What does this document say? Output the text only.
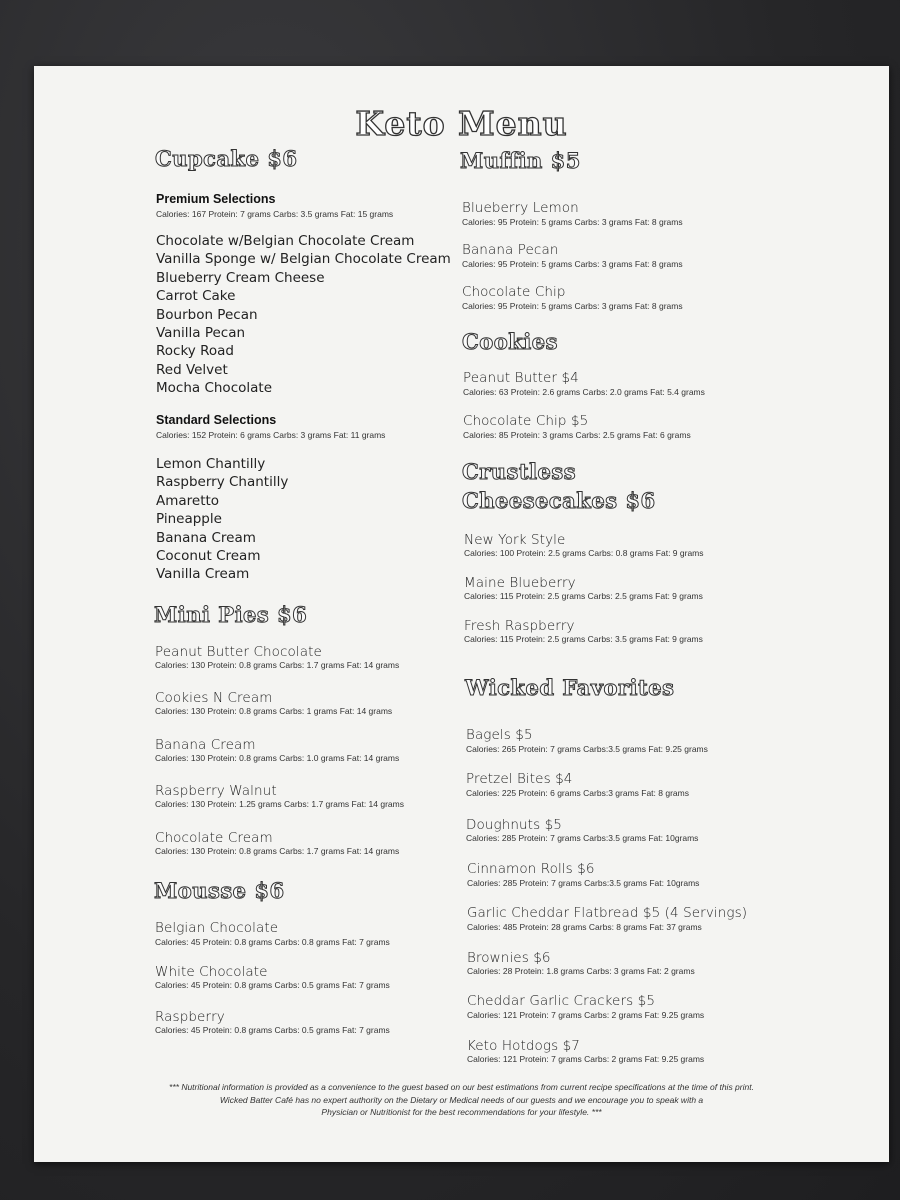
Keto Menu
Cupcake $6
Premium Selections
Calories: 167 Protein: 7 grams Carbs: 3.5 grams Fat: 15 grams
Chocolate w/Belgian Chocolate Cream
Vanilla Sponge w/ Belgian Chocolate Cream
Blueberry Cream Cheese
Carrot Cake
Bourbon Pecan
Vanilla Pecan
Rocky Road
Red Velvet
Mocha Chocolate
Standard Selections
Calories: 152 Protein: 6 grams Carbs: 3 grams Fat: 11 grams
Lemon Chantilly
Raspberry Chantilly
Amaretto
Pineapple
Banana Cream
Coconut Cream
Vanilla Cream
Mini Pies $6
Peanut Butter Chocolate
Calories: 130 Protein: 0.8 grams Carbs: 1.7 grams Fat: 14 grams
Cookies N Cream
Calories: 130 Protein: 0.8 grams Carbs: 1 grams Fat: 14 grams
Banana Cream
Calories: 130 Protein: 0.8 grams Carbs: 1.0 grams Fat: 14 grams
Raspberry Walnut
Calories: 130 Protein: 1.25 grams Carbs: 1.7 grams Fat: 14 grams
Chocolate Cream
Calories: 130 Protein: 0.8 grams Carbs: 1.7 grams Fat: 14 grams
Mousse $6
Belgian Chocolate
Calories: 45 Protein: 0.8 grams Carbs: 0.8 grams Fat: 7 grams
White Chocolate
Calories: 45 Protein: 0.8 grams Carbs: 0.5 grams Fat: 7 grams
Raspberry
Calories: 45 Protein: 0.8 grams Carbs: 0.5 grams Fat: 7 grams
Muffin $5
Blueberry Lemon
Calories: 95 Protein: 5 grams Carbs: 3 grams Fat: 8 grams
Banana Pecan
Calories: 95 Protein: 5 grams Carbs: 3 grams Fat: 8 grams
Chocolate Chip
Calories: 95 Protein: 5 grams Carbs: 3 grams Fat: 8 grams
Cookies
Peanut Butter $4
Calories: 63 Protein: 2.6 grams Carbs: 2.0 grams Fat: 5.4 grams
Chocolate Chip $5
Calories: 85 Protein: 3 grams Carbs: 2.5 grams Fat: 6 grams
Crustless
Cheesecakes $6
New York Style
Calories: 100 Protein: 2.5 grams Carbs: 0.8 grams Fat: 9 grams
Maine Blueberry
Calories: 115 Protein: 2.5 grams Carbs: 2.5 grams Fat: 9 grams
Fresh Raspberry
Calories: 115 Protein: 2.5 grams Carbs: 3.5 grams Fat: 9 grams
Wicked Favorites
Bagels $5
Calories: 265 Protein: 7 grams Carbs:3.5 grams Fat: 9.25 grams
Pretzel Bites $4
Calories: 225 Protein: 6 grams Carbs:3 grams Fat: 8 grams
Doughnuts $5
Calories: 285 Protein: 7 grams Carbs:3.5 grams Fat: 10grams
Cinnamon Rolls $6
Calories: 285 Protein: 7 grams Carbs:3.5 grams Fat: 10grams
Garlic Cheddar Flatbread $5 (4 Servings)
Calories: 485 Protein: 28 grams Carbs: 8 grams Fat: 37 grams
Brownies $6
Calories: 28 Protein: 1.8 grams Carbs: 3 grams Fat: 2 grams
Cheddar Garlic Crackers $5
Calories: 121 Protein: 7 grams Carbs: 2 grams Fat: 9.25 grams
Keto Hotdogs $7
Calories: 121 Protein: 7 grams Carbs: 2 grams Fat: 9.25 grams
*** Nutritional information is provided as a convenience to the guest based on our best estimations from current recipe specifications at the time of this print.
Wicked Batter Café has no expert authority on the Dietary or Medical needs of our guests and we encourage you to speak with a
Physician or Nutritionist for the best recommendations for your lifestyle. ***
